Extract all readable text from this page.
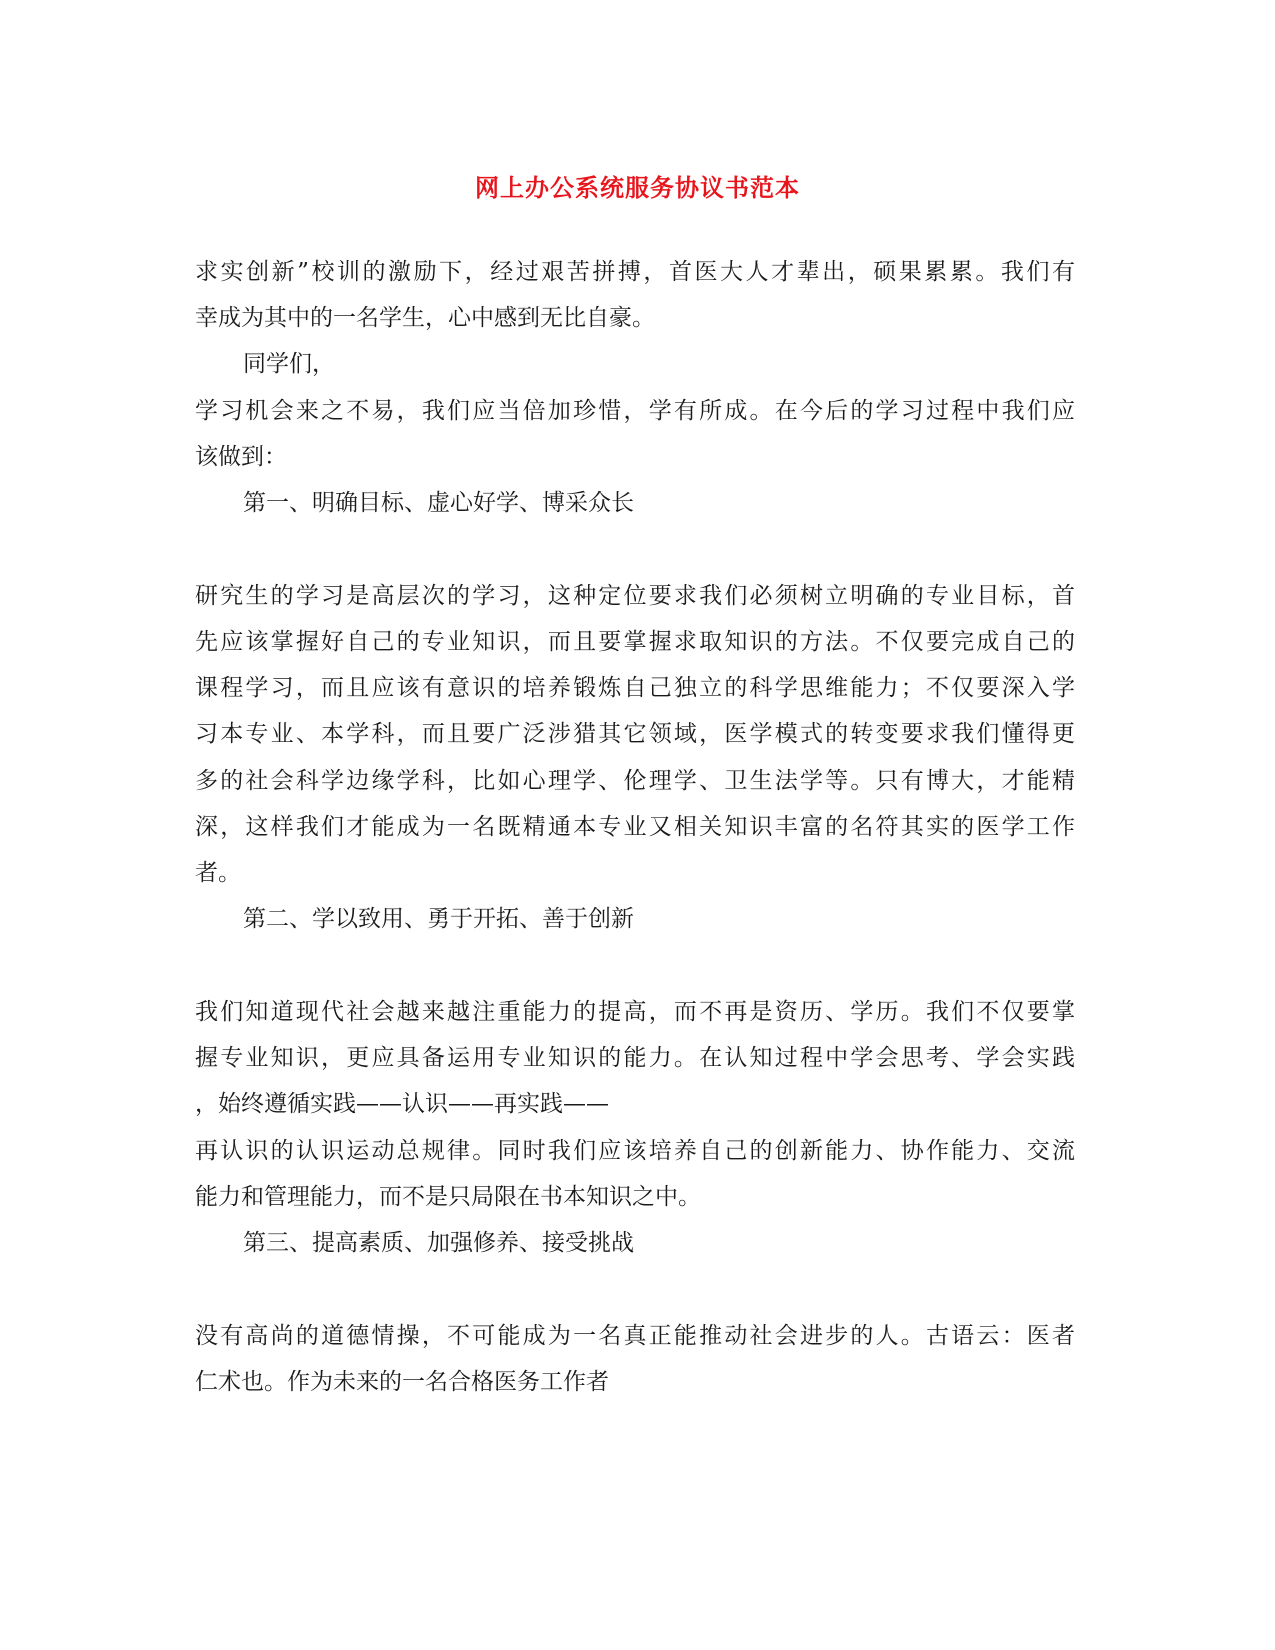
网上办公系统服务协议书范本
求实创新”校训的激励下，经过艰苦拼搏，首医大人才辈出，硕果累累。我们有
幸成为其中的一名学生，心中感到无比自豪。
同学们，
学习机会来之不易，我们应当倍加珍惜，学有所成。在今后的学习过程中我们应
该做到：
第一、明确目标、虚心好学、博采众长
研究生的学习是高层次的学习，这种定位要求我们必须树立明确的专业目标，首
先应该掌握好自己的专业知识，而且要掌握求取知识的方法。不仅要完成自己的
课程学习，而且应该有意识的培养锻炼自己独立的科学思维能力；不仅要深入学
习本专业、本学科，而且要广泛涉猎其它领域，医学模式的转变要求我们懂得更
多的社会科学边缘学科，比如心理学、伦理学、卫生法学等。只有博大，才能精
深，这样我们才能成为一名既精通本专业又相关知识丰富的名符其实的医学工作
者。
第二、学以致用、勇于开拓、善于创新
我们知道现代社会越来越注重能力的提高，而不再是资历、学历。我们不仅要掌
握专业知识，更应具备运用专业知识的能力。在认知过程中学会思考、学会实践
，始终遵循实践——认识——再实践——
再认识的认识运动总规律。同时我们应该培养自己的创新能力、协作能力、交流
能力和管理能力，而不是只局限在书本知识之中。
第三、提高素质、加强修养、接受挑战
没有高尚的道德情操，不可能成为一名真正能推动社会进步的人。古语云：医者
仁术也。作为未来的一名合格医务工作者
